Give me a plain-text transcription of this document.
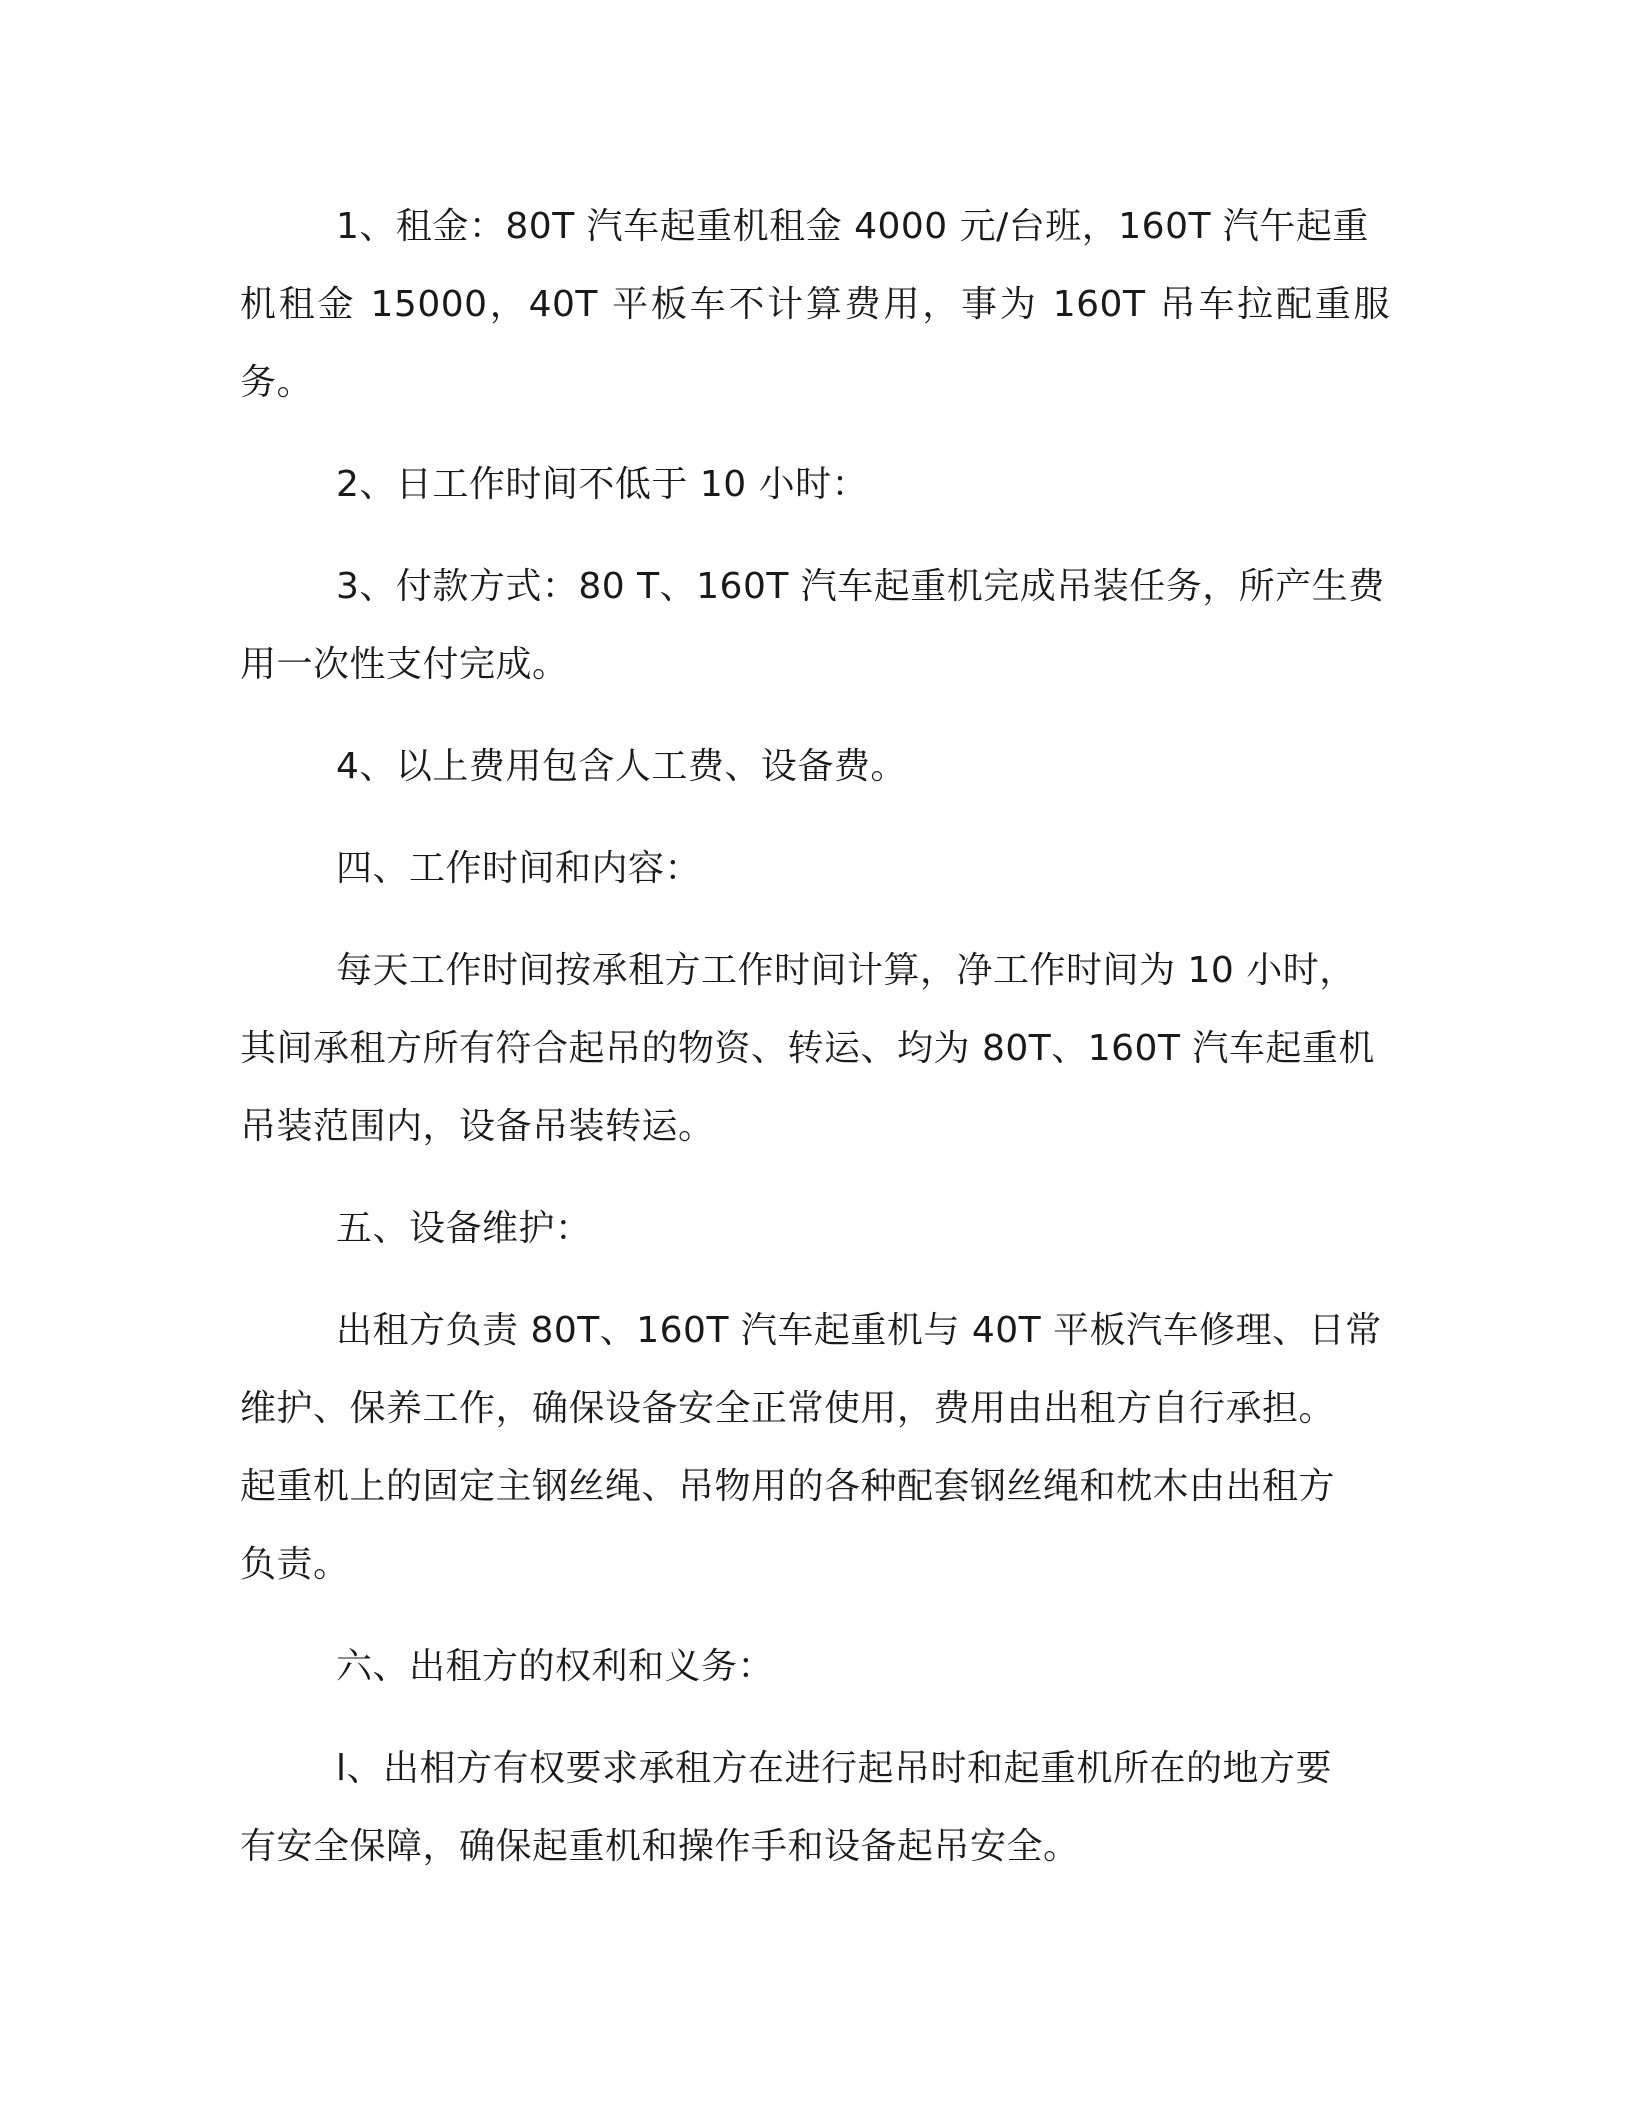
1、租金：80T 汽车起重机租金 4000 元/台班，160T 汽午起重
机租金 15000，40T 平板车不计算费用，事为 160T 吊车拉配重服务。

2、日工作时间不低于 10 小时：

3、付款方式：80 T、160T 汽车起重机完成吊装任务，所产生费
用一次性支付完成。

4、以上费用包含人工费、设备费。

四、工作时间和内容：

每天工作时间按承租方工作时间计算，净工作时间为 10 小时，
其间承租方所有符合起吊的物资、转运、均为 80T、160T 汽车起重机
吊装范围内，设备吊装转运。

五、设备维护：

出租方负责 80T、160T 汽车起重机与 40T 平板汽车修理、日常
维护、保养工作，确保设备安全正常使用，费用由出租方自行承担。
起重机上的固定主钢丝绳、吊物用的各种配套钢丝绳和枕木由出租方
负责。

六、出租方的权利和义务：

l、出相方有权要求承租方在进行起吊时和起重机所在的地方要
有安全保障，确保起重机和操作手和设备起吊安全。
